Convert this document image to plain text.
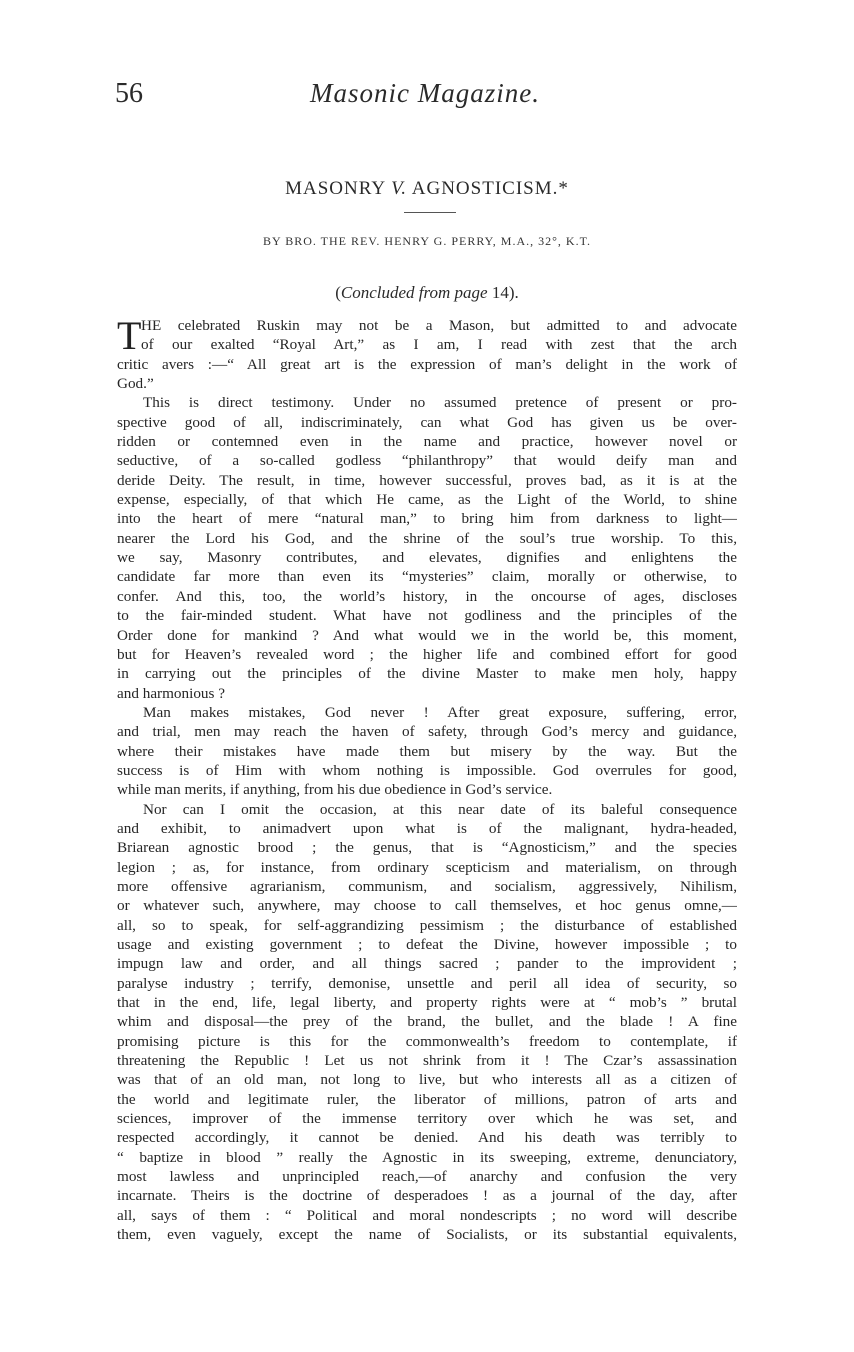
56	Masonic Magazine.
MASONRY V. AGNOSTICISM.*
BY BRO. THE REV. HENRY G. PERRY, M.A., 32°, K.T.
(Concluded from page 14).
T HE celebrated Ruskin may not be a Mason, but admitted to and advocate
of our exalted “Royal Art,” as I am, I read with zest that the arch
critic avers :—“ All great art is the expression of man’s delight in the work of
God.”
This is direct testimony. Under no assumed pretence of present or pro-
spective good of all, indiscriminately, can what God has given us be over-
ridden or contemned even in the name and practice, however novel or
seductive, of a so-called godless “philanthropy” that would deify man and
deride Deity. The result, in time, however successful, proves bad, as it is at the
expense, especially, of that which He came, as the Light of the World, to shine
into the heart of mere “natural man,” to bring him from darkness to light—
nearer the Lord his God, and the shrine of the soul’s true worship. To this,
we say, Masonry contributes, and elevates, dignifies and enlightens the
candidate far more than even its “mysteries” claim, morally or otherwise, to
confer. And this, too, the world’s history, in the oncourse of ages, discloses
to the fair-minded student. What have not godliness and the principles of the
Order done for mankind ? And what would we in the world be, this moment,
but for Heaven’s revealed word ; the higher life and combined effort for good
in carrying out the principles of the divine Master to make men holy, happy
and harmonious ?
Man makes mistakes, God never ! After great exposure, suffering, error,
and trial, men may reach the haven of safety, through God’s mercy and guidance,
where their mistakes have made them but misery by the way. But the
success is of Him with whom nothing is impossible. God overrules for good,
while man merits, if anything, from his due obedience in God’s service.
Nor can I omit the occasion, at this near date of its baleful consequence
and exhibit, to animadvert upon what is of the malignant, hydra-headed,
Briarean agnostic brood ; the genus, that is “Agnosticism,” and the species
legion ; as, for instance, from ordinary scepticism and materialism, on through
more offensive agrarianism, communism, and socialism, aggressively, Nihilism,
or whatever such, anywhere, may choose to call themselves, et hoc genus omne,—
all, so to speak, for self-aggrandizing pessimism ; the disturbance of established
usage and existing government ; to defeat the Divine, however impossible ; to
impugn law and order, and all things sacred ; pander to the improvident ;
paralyse industry ; terrify, demonise, unsettle and peril all idea of security, so
that in the end, life, legal liberty, and property rights were at “ mob’s ” brutal
whim and disposal—the prey of the brand, the bullet, and the blade ! A fine
promising picture is this for the commonwealth’s freedom to contemplate, if
threatening the Republic ! Let us not shrink from it ! The Czar’s assassination
was that of an old man, not long to live, but who interests all as a citizen of
the world and legitimate ruler, the liberator of millions, patron of arts and
sciences, improver of the immense territory over which he was set, and
respected accordingly, it cannot be denied. And his death was terribly to
“ baptize in blood ” really the Agnostic in its sweeping, extreme, denunciatory,
most lawless and unprincipled reach,—of anarchy and confusion the very
incarnate. Theirs is the doctrine of desperadoes ! as a journal of the day, after
all, says of them : “ Political and moral nondescripts ; no word will describe
them, even vaguely, except the name of Socialists, or its substantial equivalents,
